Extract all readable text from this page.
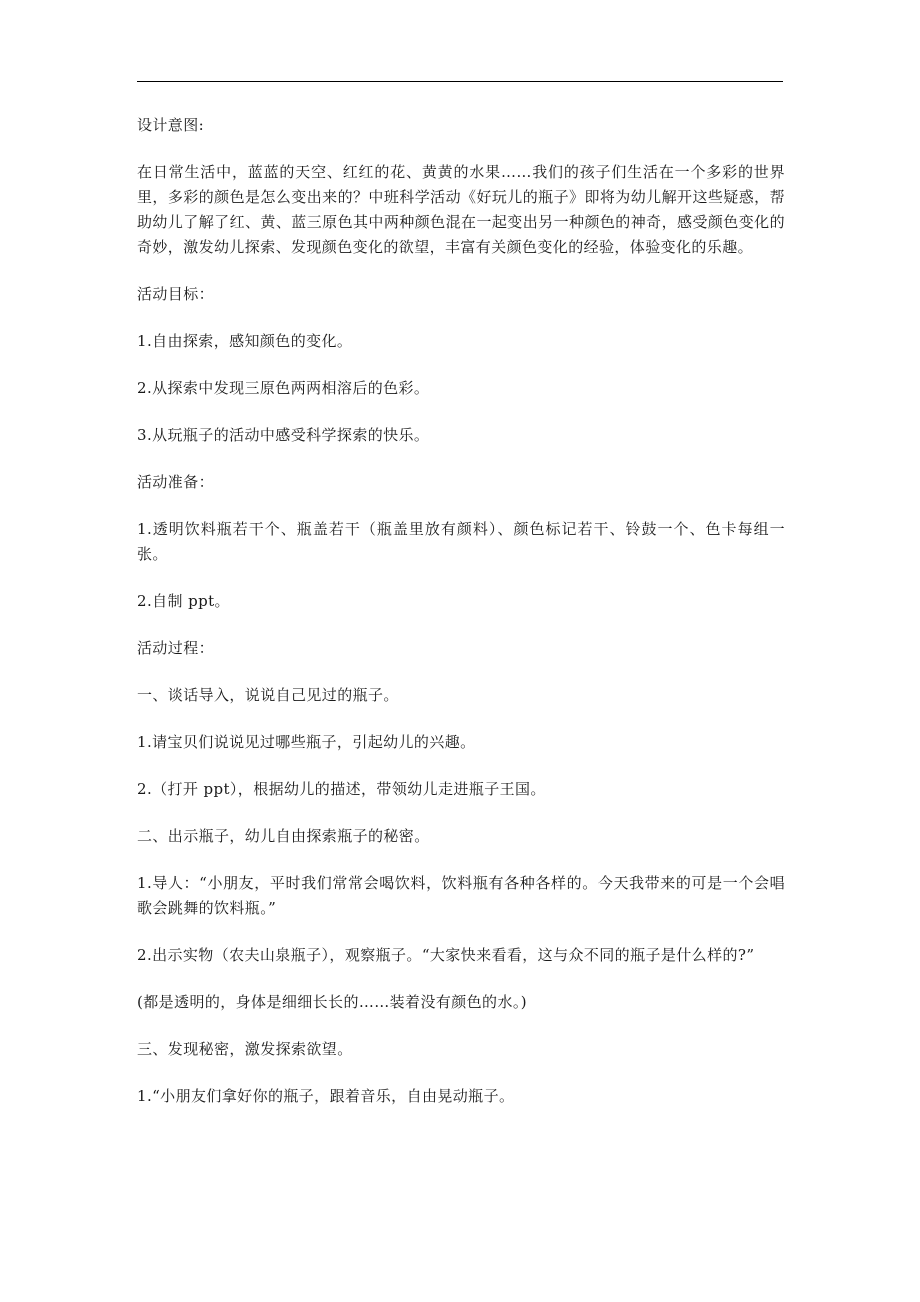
设计意图:

在日常生活中，蓝蓝的天空、红红的花、黄黄的水果……我们的孩子们生活在一个多彩的世界里，多彩的颜色是怎么变出来的？中班科学活动《好玩儿的瓶子》即将为幼儿解开这些疑惑，帮助幼儿了解了红、黄、蓝三原色其中两种颜色混在一起变出另一种颜色的神奇，感受颜色变化的奇妙，激发幼儿探索、发现颜色变化的欲望，丰富有关颜色变化的经验，体验变化的乐趣。

活动目标：

1.自由探索，感知颜色的变化。

2.从探索中发现三原色两两相溶后的色彩。

3.从玩瓶子的活动中感受科学探索的快乐。

活动准备：

1.透明饮料瓶若干个、瓶盖若干（瓶盖里放有颜料）、颜色标记若干、铃鼓一个、色卡每组一张。

2.自制 ppt。

活动过程：

一、谈话导入，说说自己见过的瓶子。

1.请宝贝们说说见过哪些瓶子，引起幼儿的兴趣。

2.（打开 ppt），根据幼儿的描述，带领幼儿走进瓶子王国。

二、出示瓶子，幼儿自由探索瓶子的秘密。

1.导人：“小朋友，平时我们常常会喝饮料，饮料瓶有各种各样的。今天我带来的可是一个会唱歌会跳舞的饮料瓶。”

2.出示实物（农夫山泉瓶子），观察瓶子。“大家快来看看，这与众不同的瓶子是什么样的?”

(都是透明的，身体是细细长长的……装着没有颜色的水。)

三、发现秘密，激发探索欲望。

1.“小朋友们拿好你的瓶子，跟着音乐，自由晃动瓶子。
